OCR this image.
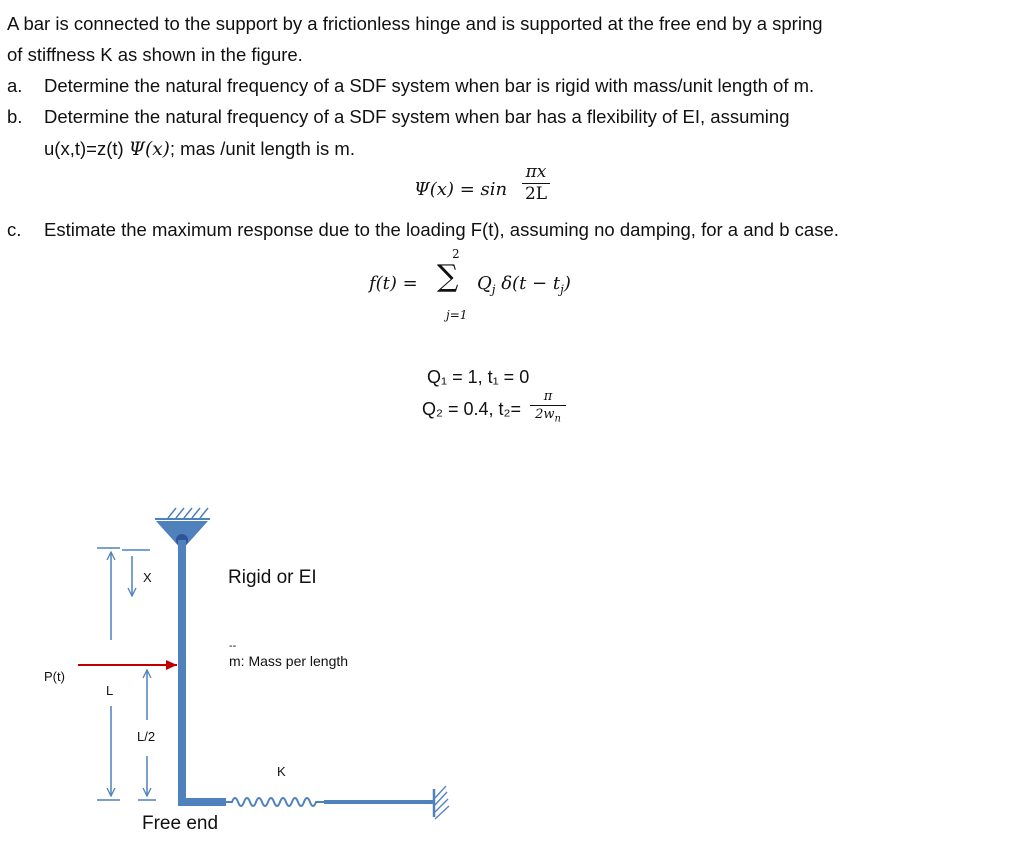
A bar is connected to the support by a frictionless hinge and is supported at the free end by a spring
of stiffness K as shown in the figure.
a. Determine the natural frequency of a SDF system when bar is rigid with mass/unit length of m.
b. Determine the natural frequency of a SDF system when bar has a flexibility of EI, assuming
u(x,t)=z(t) Ψ(x); mas /unit length is m.
Ψ(x) = sin
πx
2L
c. Estimate the maximum response due to the loading F(t), assuming no damping, for a and b case.
f(t) =
2
∑
j=1
$Q_j$ $\delta(t - t_j)$
Q₁ = 1, t₁ = 0
Q₂ = 0.4, t₂=
π
$2w_n$
Rigid or EI
--
m: Mass per length
X
P(t)
L
L/2
K
Free end
